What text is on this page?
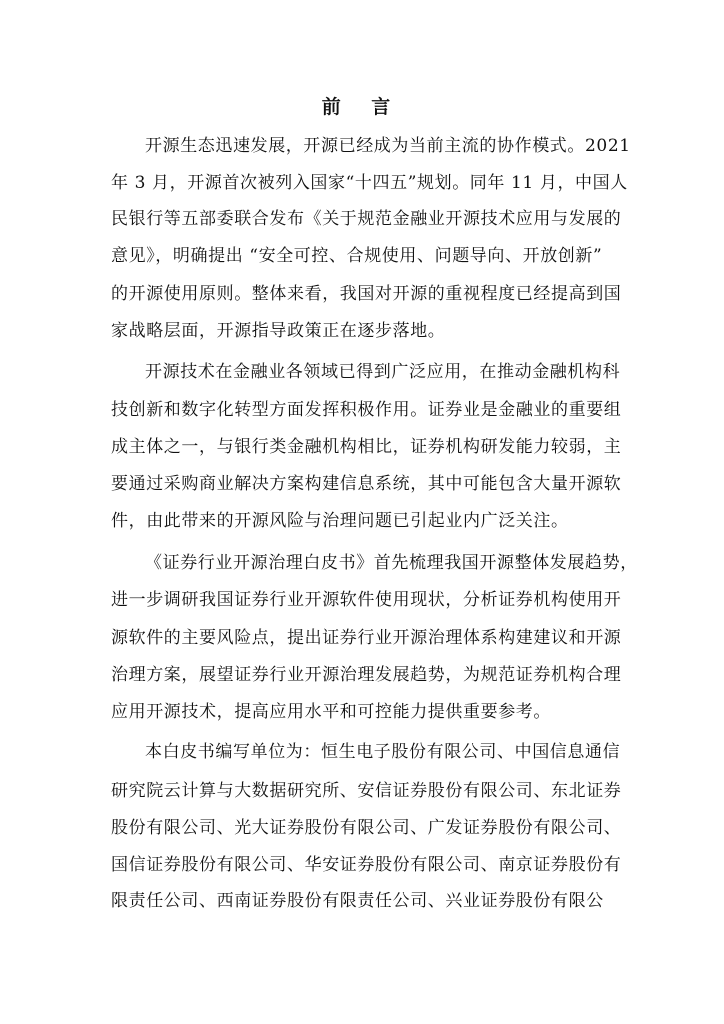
前 言
开源生态迅速发展，开源已经成为当前主流的协作模式。2021
年 3 月，开源首次被列入国家“十四五”规划。同年 11 月，中国人
民银行等五部委联合发布《关于规范金融业开源技术应用与发展的
意见》，明确提出 “安全可控、合规使用、问题导向、开放创新”
的开源使用原则。整体来看，我国对开源的重视程度已经提高到国
家战略层面，开源指导政策正在逐步落地。
开源技术在金融业各领域已得到广泛应用，在推动金融机构科
技创新和数字化转型方面发挥积极作用。证券业是金融业的重要组
成主体之一，与银行类金融机构相比，证券机构研发能力较弱，主
要通过采购商业解决方案构建信息系统，其中可能包含大量开源软
件，由此带来的开源风险与治理问题已引起业内广泛关注。
《证券行业开源治理白皮书》首先梳理我国开源整体发展趋势，
进一步调研我国证券行业开源软件使用现状，分析证券机构使用开
源软件的主要风险点，提出证券行业开源治理体系构建建议和开源
治理方案，展望证券行业开源治理发展趋势，为规范证券机构合理
应用开源技术，提高应用水平和可控能力提供重要参考。
本白皮书编写单位为：恒生电子股份有限公司、中国信息通信
研究院云计算与大数据研究所、安信证券股份有限公司、东北证券
股份有限公司、光大证券股份有限公司、广发证券股份有限公司、
国信证券股份有限公司、华安证券股份有限公司、南京证券股份有
限责任公司、西南证券股份有限责任公司、兴业证券股份有限公
